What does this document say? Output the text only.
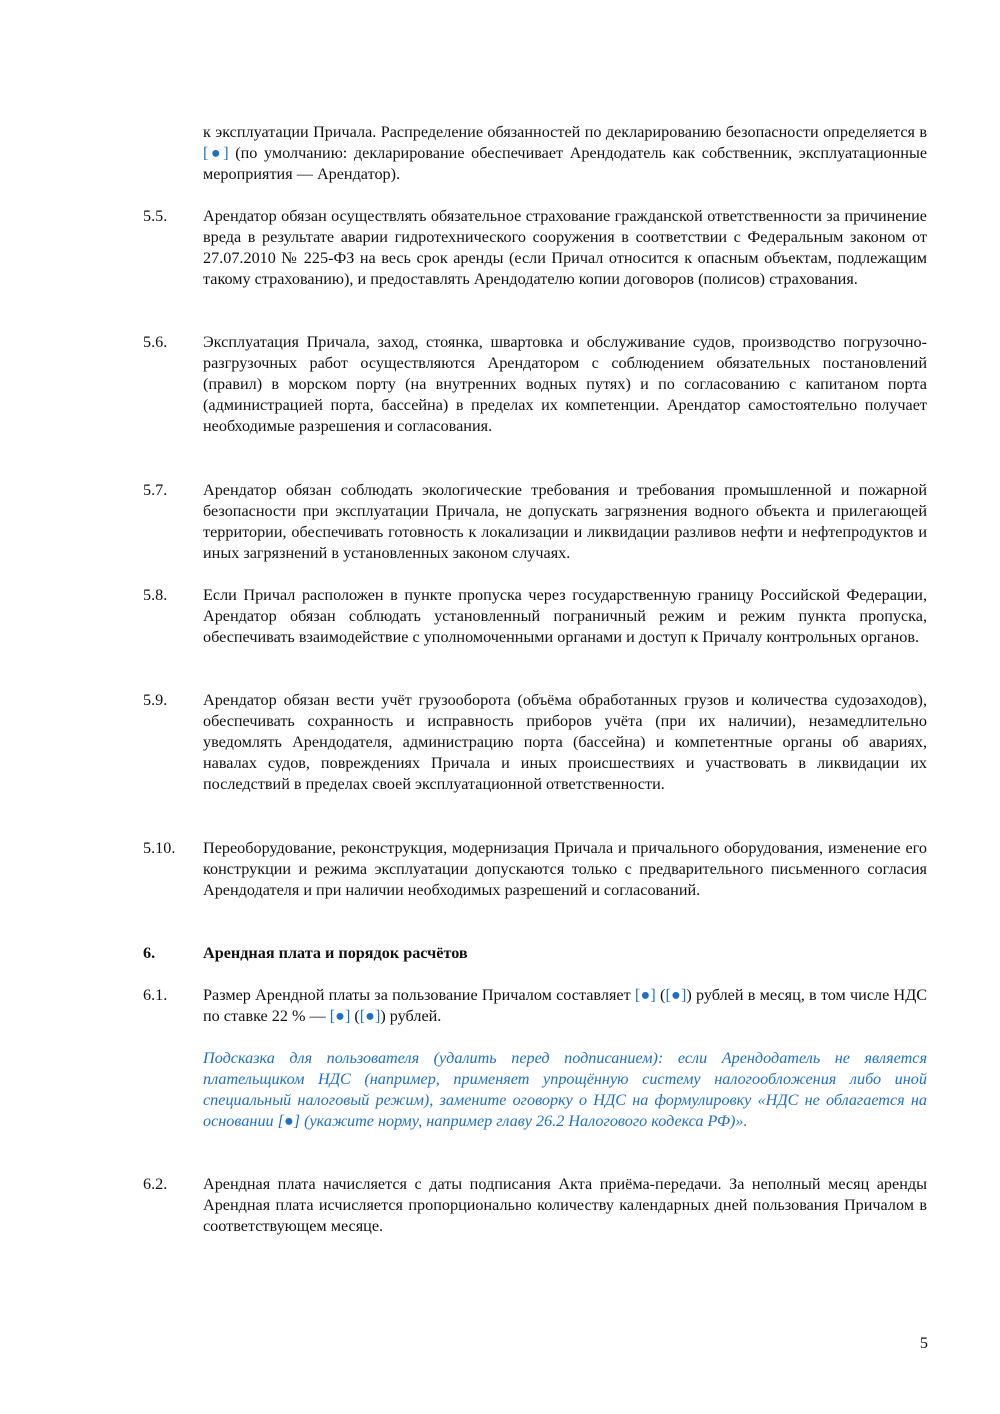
к эксплуатации Причала. Распределение обязанностей по декларированию безопасности определяется в [●] (по умолчанию: декларирование обеспечивает Арендодатель как собственник, эксплуатационные мероприятия — Арендатор).
5.5. Арендатор обязан осуществлять обязательное страхование гражданской ответственности за причинение вреда в результате аварии гидротехнического сооружения в соответствии с Федеральным законом от 27.07.2010 № 225-ФЗ на весь срок аренды (если Причал относится к опасным объектам, подлежащим такому страхованию), и предоставлять Арендодателю копии договоров (полисов) страхования.
5.6. Эксплуатация Причала, заход, стоянка, швартовка и обслуживание судов, производство погрузочно-разгрузочных работ осуществляются Арендатором с соблюдением обязательных постановлений (правил) в морском порту (на внутренних водных путях) и по согласованию с капитаном порта (администрацией порта, бассейна) в пределах их компетенции. Арендатор самостоятельно получает необходимые разрешения и согласования.
5.7. Арендатор обязан соблюдать экологические требования и требования промышленной и пожарной безопасности при эксплуатации Причала, не допускать загрязнения водного объекта и прилегающей территории, обеспечивать готовность к локализации и ликвидации разливов нефти и нефтепродуктов и иных загрязнений в установленных законом случаях.
5.8. Если Причал расположен в пункте пропуска через государственную границу Российской Федерации, Арендатор обязан соблюдать установленный пограничный режим и режим пункта пропуска, обеспечивать взаимодействие с уполномоченными органами и доступ к Причалу контрольных органов.
5.9. Арендатор обязан вести учёт грузооборота (объёма обработанных грузов и количества судозаходов), обеспечивать сохранность и исправность приборов учёта (при их наличии), незамедлительно уведомлять Арендодателя, администрацию порта (бассейна) и компетентные органы об авариях, навалах судов, повреждениях Причала и иных происшествиях и участвовать в ликвидации их последствий в пределах своей эксплуатационной ответственности.
5.10. Переоборудование, реконструкция, модернизация Причала и причального оборудования, изменение его конструкции и режима эксплуатации допускаются только с предварительного письменного согласия Арендодателя и при наличии необходимых разрешений и согласований.
6.	Арендная плата и порядок расчётов
6.1. Размер Арендной платы за пользование Причалом составляет [●] ([●]) рублей в месяц, в том числе НДС по ставке 22 % — [●] ([●]) рублей.
Подсказка для пользователя (удалить перед подписанием): если Арендодатель не является плательщиком НДС (например, применяет упрощённую систему налогообложения либо иной специальный налоговый режим), замените оговорку о НДС на формулировку «НДС не облагается на основании [●] (укажите норму, например главу 26.2 Налогового кодекса РФ)».
6.2. Арендная плата начисляется с даты подписания Акта приёма-передачи. За неполный месяц аренды Арендная плата исчисляется пропорционально количеству календарных дней пользования Причалом в соответствующем месяце.
5
